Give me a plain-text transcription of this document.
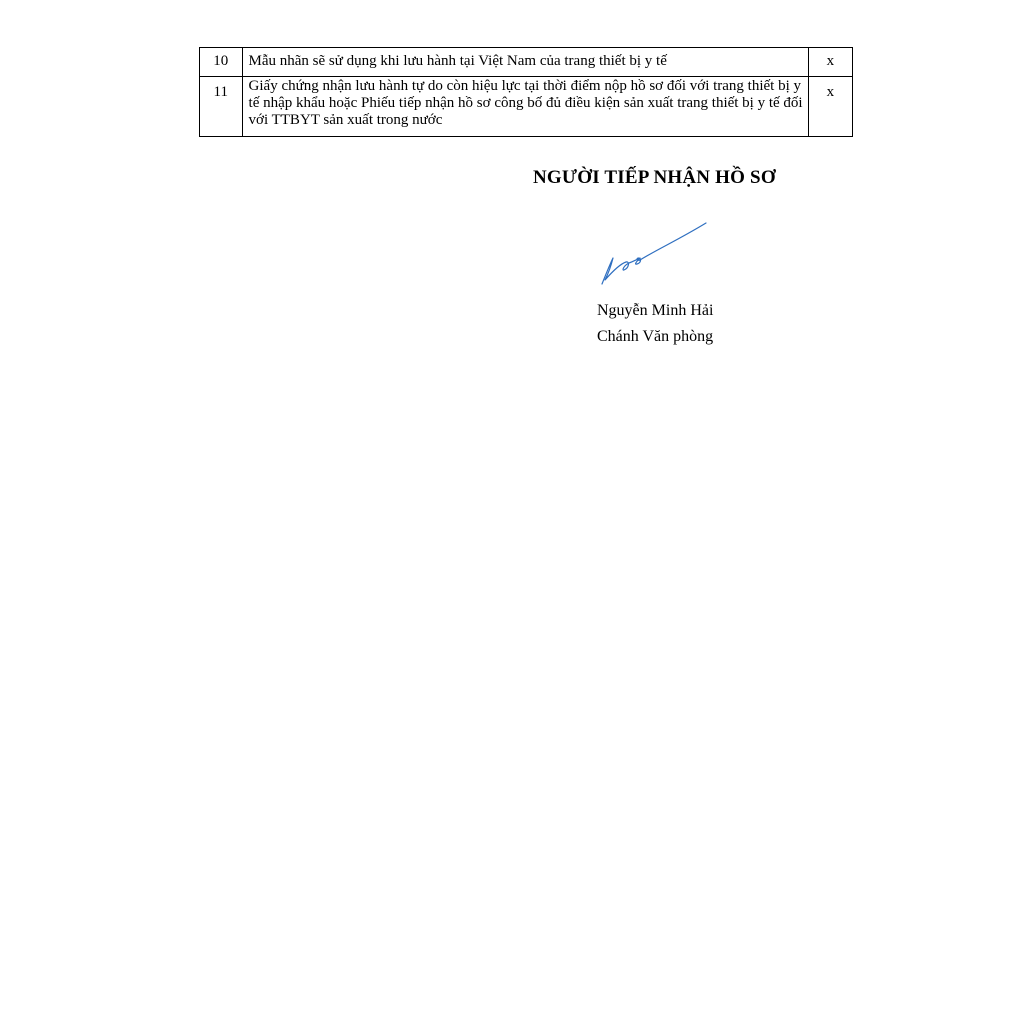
10	Mẫu nhãn sẽ sử dụng khi lưu hành tại Việt Nam của trang thiết bị y tế	x

11	Giấy chứng nhận lưu hành tự do còn hiệu lực tại thời điểm nộp hồ sơ đối với trang thiết bị y tế nhập khẩu hoặc Phiếu tiếp nhận hồ sơ công bố đủ điều kiện sản xuất trang thiết bị y tế đối với TTBYT sản xuất trong nước	x
NGƯỜI TIẾP NHẬN HỒ SƠ
Nguyễn Minh Hải
Chánh Văn phòng
